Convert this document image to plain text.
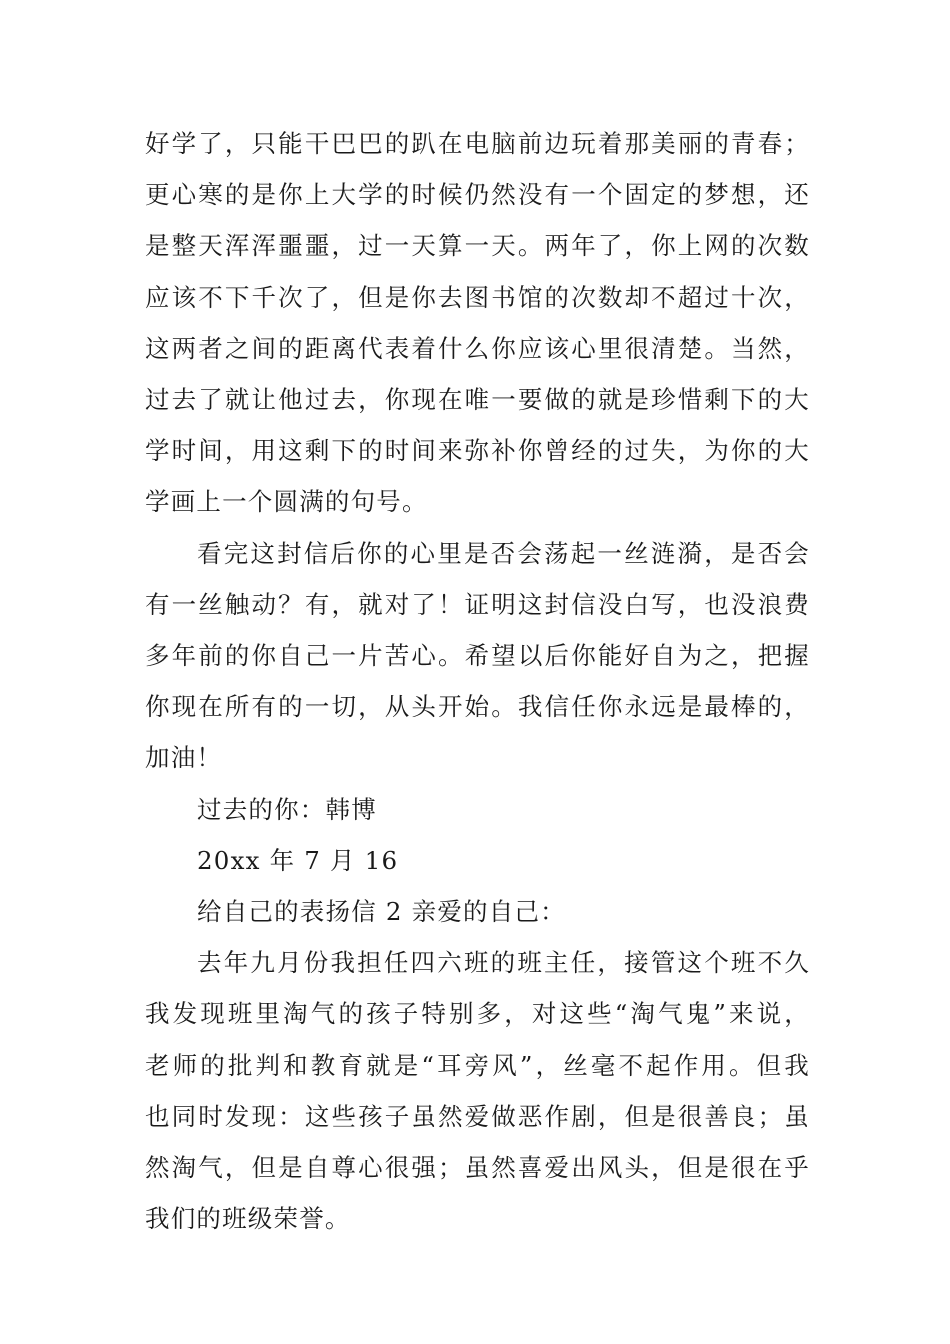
好学了，只能干巴巴的趴在电脑前边玩着那美丽的青春；
更心寒的是你上大学的时候仍然没有一个固定的梦想，还
是整天浑浑噩噩，过一天算一天。两年了，你上网的次数
应该不下千次了，但是你去图书馆的次数却不超过十次，
这两者之间的距离代表着什么你应该心里很清楚。当然，
过去了就让他过去，你现在唯一要做的就是珍惜剩下的大
学时间，用这剩下的时间来弥补你曾经的过失，为你的大
学画上一个圆满的句号。
看完这封信后你的心里是否会荡起一丝涟漪，是否会
有一丝触动？有，就对了！证明这封信没白写，也没浪费
多年前的你自己一片苦心。希望以后你能好自为之，把握
你现在所有的一切，从头开始。我信任你永远是最棒的，
加油！
过去的你：韩博
20xx 年 7 月 16
给自己的表扬信 2 亲爱的自己：
去年九月份我担任四六班的班主任，接管这个班不久
我发现班里淘气的孩子特别多，对这些“淘气鬼”来说，
老师的批判和教育就是“耳旁风”，丝毫不起作用。但我
也同时发现：这些孩子虽然爱做恶作剧，但是很善良；虽
然淘气，但是自尊心很强；虽然喜爱出风头，但是很在乎
我们的班级荣誉。
